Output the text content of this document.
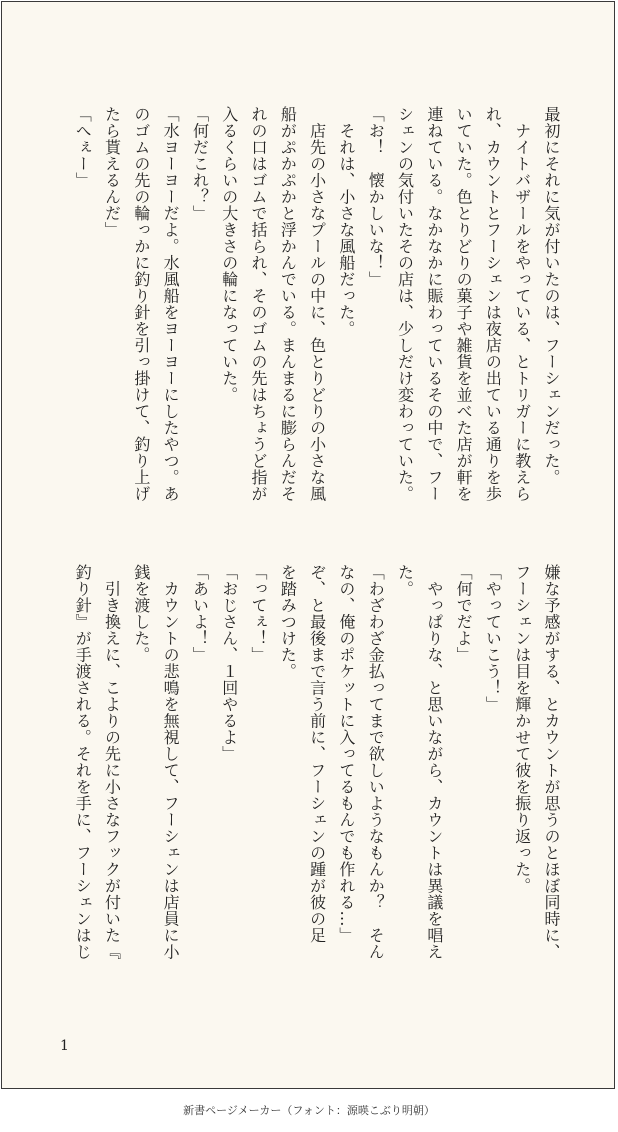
最初にそれに気が付いたのは、フーシェンだった。
　ナイトバザールをやっている、とトリガーに教えら
れ、カウントとフーシェンは夜店の出ている通りを歩
いていた。色とりどりの菓子や雑貨を並べた店が軒を
連ねている。なかなかに賑わっているその中で、フー
シェンの気付いたその店は、少しだけ変わっていた。
「お！　懐かしいな！」
　それは、小さな風船だった。
　店先の小さなプールの中に、色とりどりの小さな風
船がぷかぷかと浮かんでいる。まんまるに膨らんだそ
れの口はゴムで括られ、そのゴムの先はちょうど指が
入るくらいの大きさの輪になっていた。
「何だこれ？」
「水ヨーヨーだよ。水風船をヨーヨーにしたやつ。あ
のゴムの先の輪っかに釣り針を引っ掛けて、釣り上げ
たら貰えるんだ」
「へぇー」
嫌な予感がする、とカウントが思うのとほぼ同時に、
フーシェンは目を輝かせて彼を振り返った。
「やっていこう！」
「何でだよ」
　やっぱりな、と思いながら、カウントは異議を唱え
た。
「わざわざ金払ってまで欲しいようなもんか？　そん
なの、俺のポケットに入ってるもんでも作れる…」
ぞ、と最後まで言う前に、フーシェンの踵が彼の足
を踏みつけた。
「ってぇ！」
「おじさん、１回やるよ」
「あいよ！」
　カウントの悲鳴を無視して、フーシェンは店員に小
銭を渡した。
　引き換えに、こよりの先に小さなフックが付いた『
釣り針』が手渡される。それを手に、フーシェンはじ
1
新書ページメーカー（フォント：源暎こぶり明朝）
